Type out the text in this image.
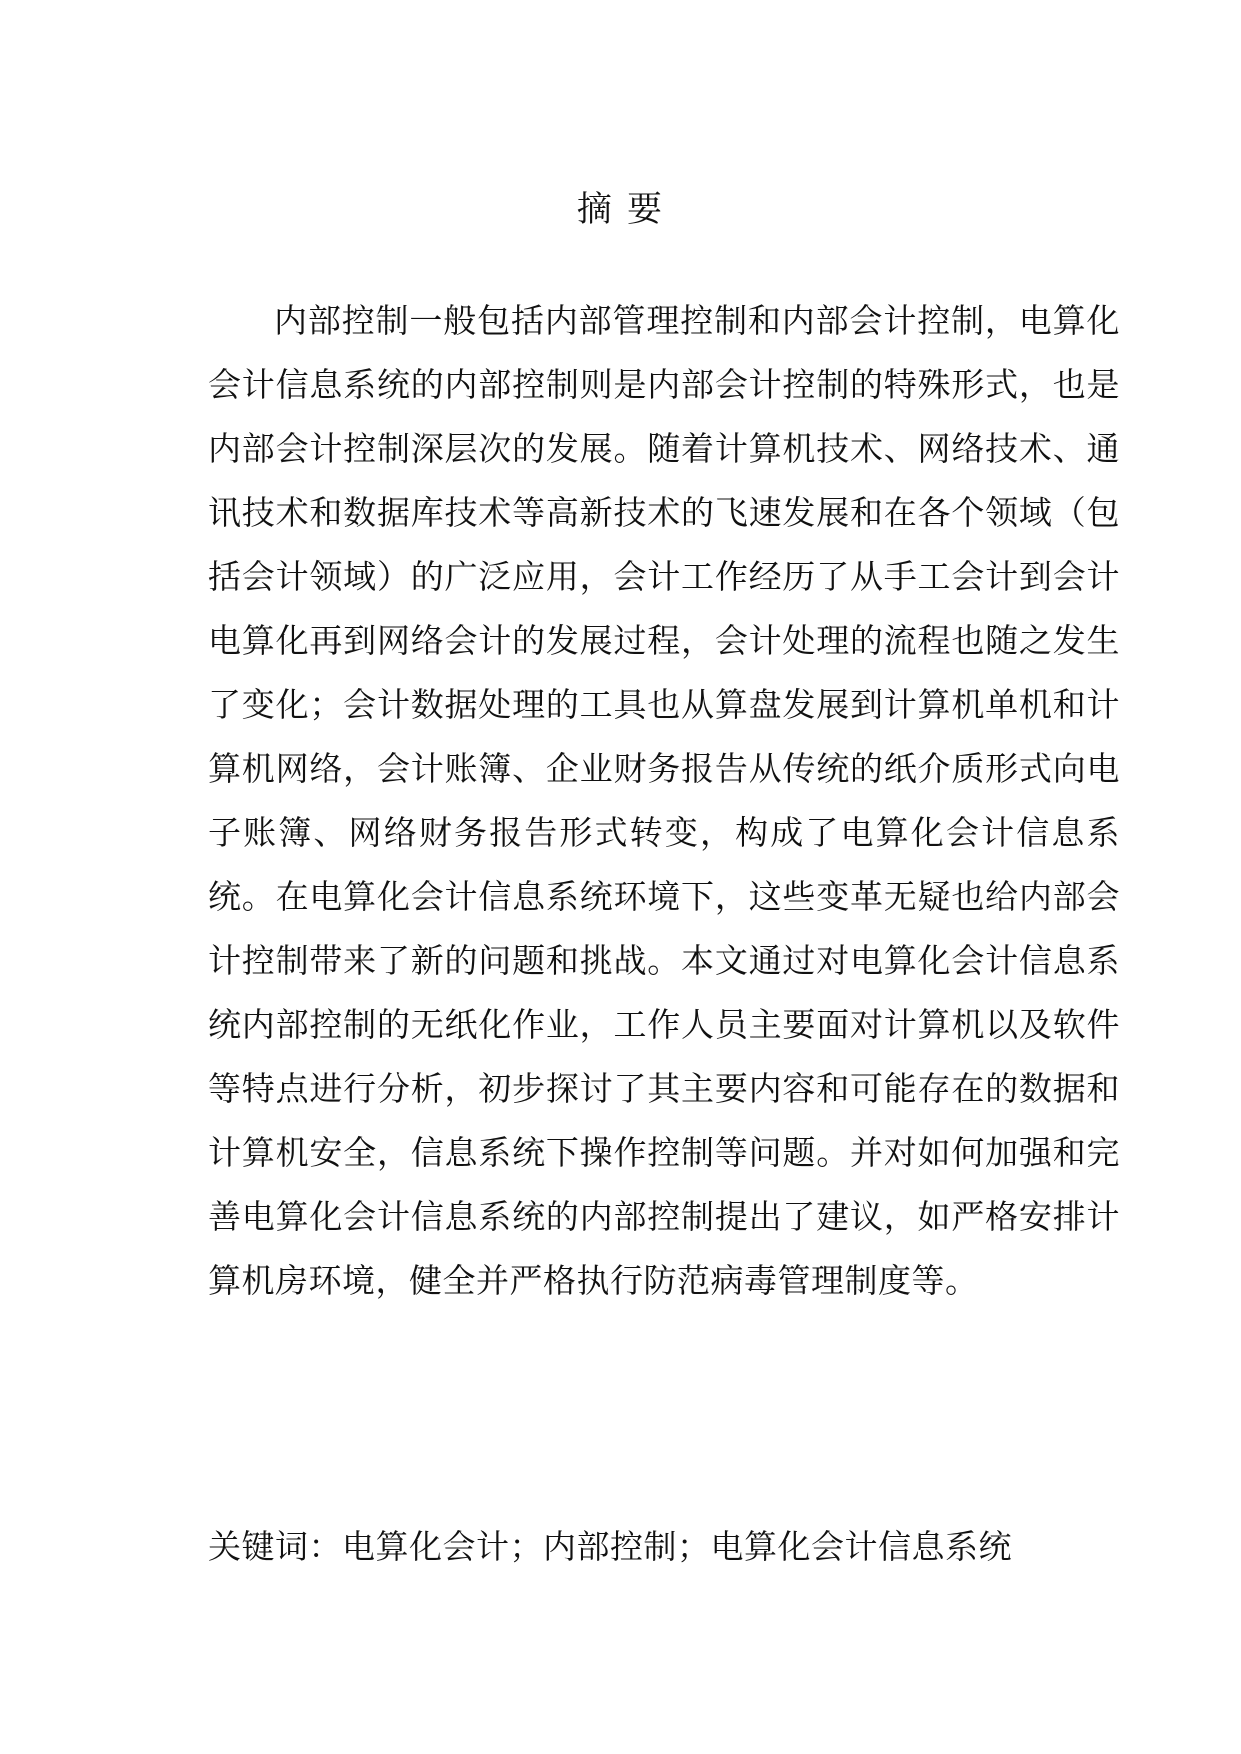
摘 要

内部控制一般包括内部管理控制和内部会计控制，电算化会计信息系统的内部控制则是内部会计控制的特殊形式，也是内部会计控制深层次的发展。随着计算机技术、网络技术、通讯技术和数据库技术等高新技术的飞速发展和在各个领域（包括会计领域）的广泛应用，会计工作经历了从手工会计到会计电算化再到网络会计的发展过程，会计处理的流程也随之发生了变化；会计数据处理的工具也从算盘发展到计算机单机和计算机网络，会计账簿、企业财务报告从传统的纸介质形式向电子账簿、网络财务报告形式转变，构成了电算化会计信息系统。在电算化会计信息系统环境下，这些变革无疑也给内部会计控制带来了新的问题和挑战。本文通过对电算化会计信息系统内部控制的无纸化作业，工作人员主要面对计算机以及软件等特点进行分析，初步探讨了其主要内容和可能存在的数据和计算机安全，信息系统下操作控制等问题。并对如何加强和完善电算化会计信息系统的内部控制提出了建议，如严格安排计算机房环境，健全并严格执行防范病毒管理制度等。

关键词：电算化会计；内部控制；电算化会计信息系统
